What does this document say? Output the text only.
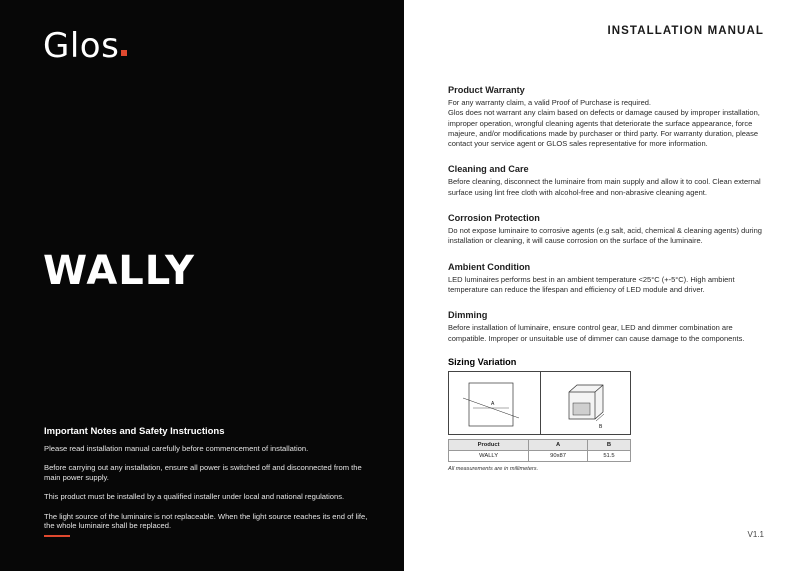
Glos
WALLY
Important Notes and Safety Instructions

Please read installation manual carefully before commencement of installation.

Before carrying out any installation, ensure all power is switched off and disconnected from the main power supply.

This product must be installed by a qualified installer under local and national regulations.

The light source of the luminaire is not replaceable. When the light source reaches its end of life, the whole luminaire shall be replaced.

INSTALLATION MANUAL
Product Warranty

For any warranty claim, a valid Proof of Purchase is required.
Glos does not warrant any claim based on defects or damage caused by improper installation, improper operation, wrongful cleaning agents that deteriorate the surface appearance, force majeure, and/or modifications made by purchaser or third party. For warranty duration, please contact your service agent or GLOS sales representative for more information.

Cleaning and Care

Before cleaning, disconnect the luminaire from main supply and allow it to cool. Clean external surface using lint free cloth with alcohol-free and non-abrasive cleaning agent.

Corrosion Protection

Do not expose luminaire to corrosive agents (e.g salt, acid, chemical & cleaning agents) during installation or cleaning, it will cause corrosion on the surface of the luminaire.

Ambient Condition

LED luminaires performs best in an ambient temperature <25°C (+-5°C). High ambient temperature can reduce the lifespan and efficiency of LED module and driver.

Dimming

Before installation of luminaire, ensure control gear, LED and dimmer combination are compatible. Improper or unsuitable use of dimmer can cause damage to the components.

Sizing Variation
A
B
Product	A	B
WALLY	90x87	51.5
All measurements are in millimeters.
V1.1
